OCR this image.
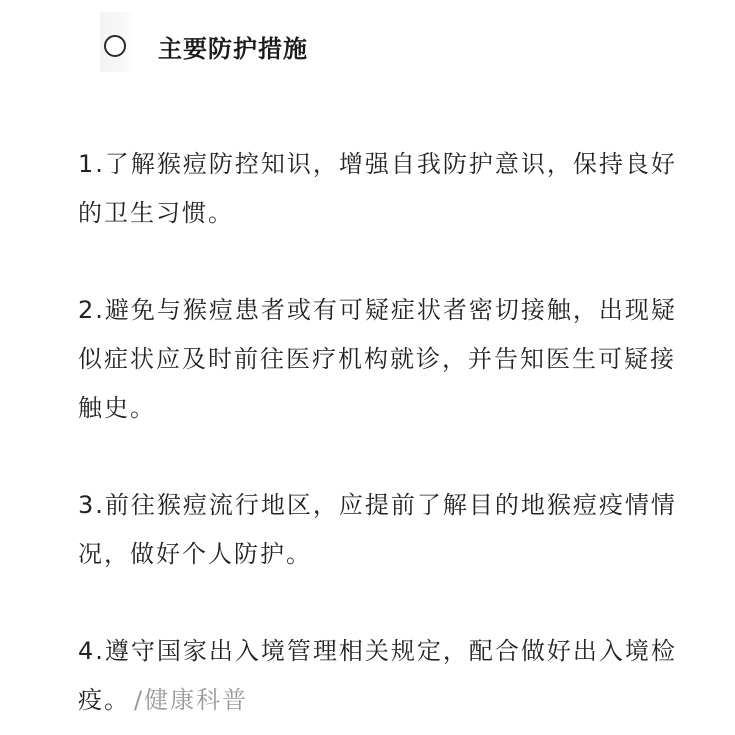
主要防护措施

1.了解猴痘防控知识，增强自我防护意识，保持良好的卫生习惯。

2.避免与猴痘患者或有可疑症状者密切接触，出现疑似症状应及时前往医疗机构就诊，并告知医生可疑接触史。

3.前往猴痘流行地区，应提前了解目的地猴痘疫情情况，做好个人防护。

4.遵守国家出入境管理相关规定，配合做好出入境检疫。 /健康科普
